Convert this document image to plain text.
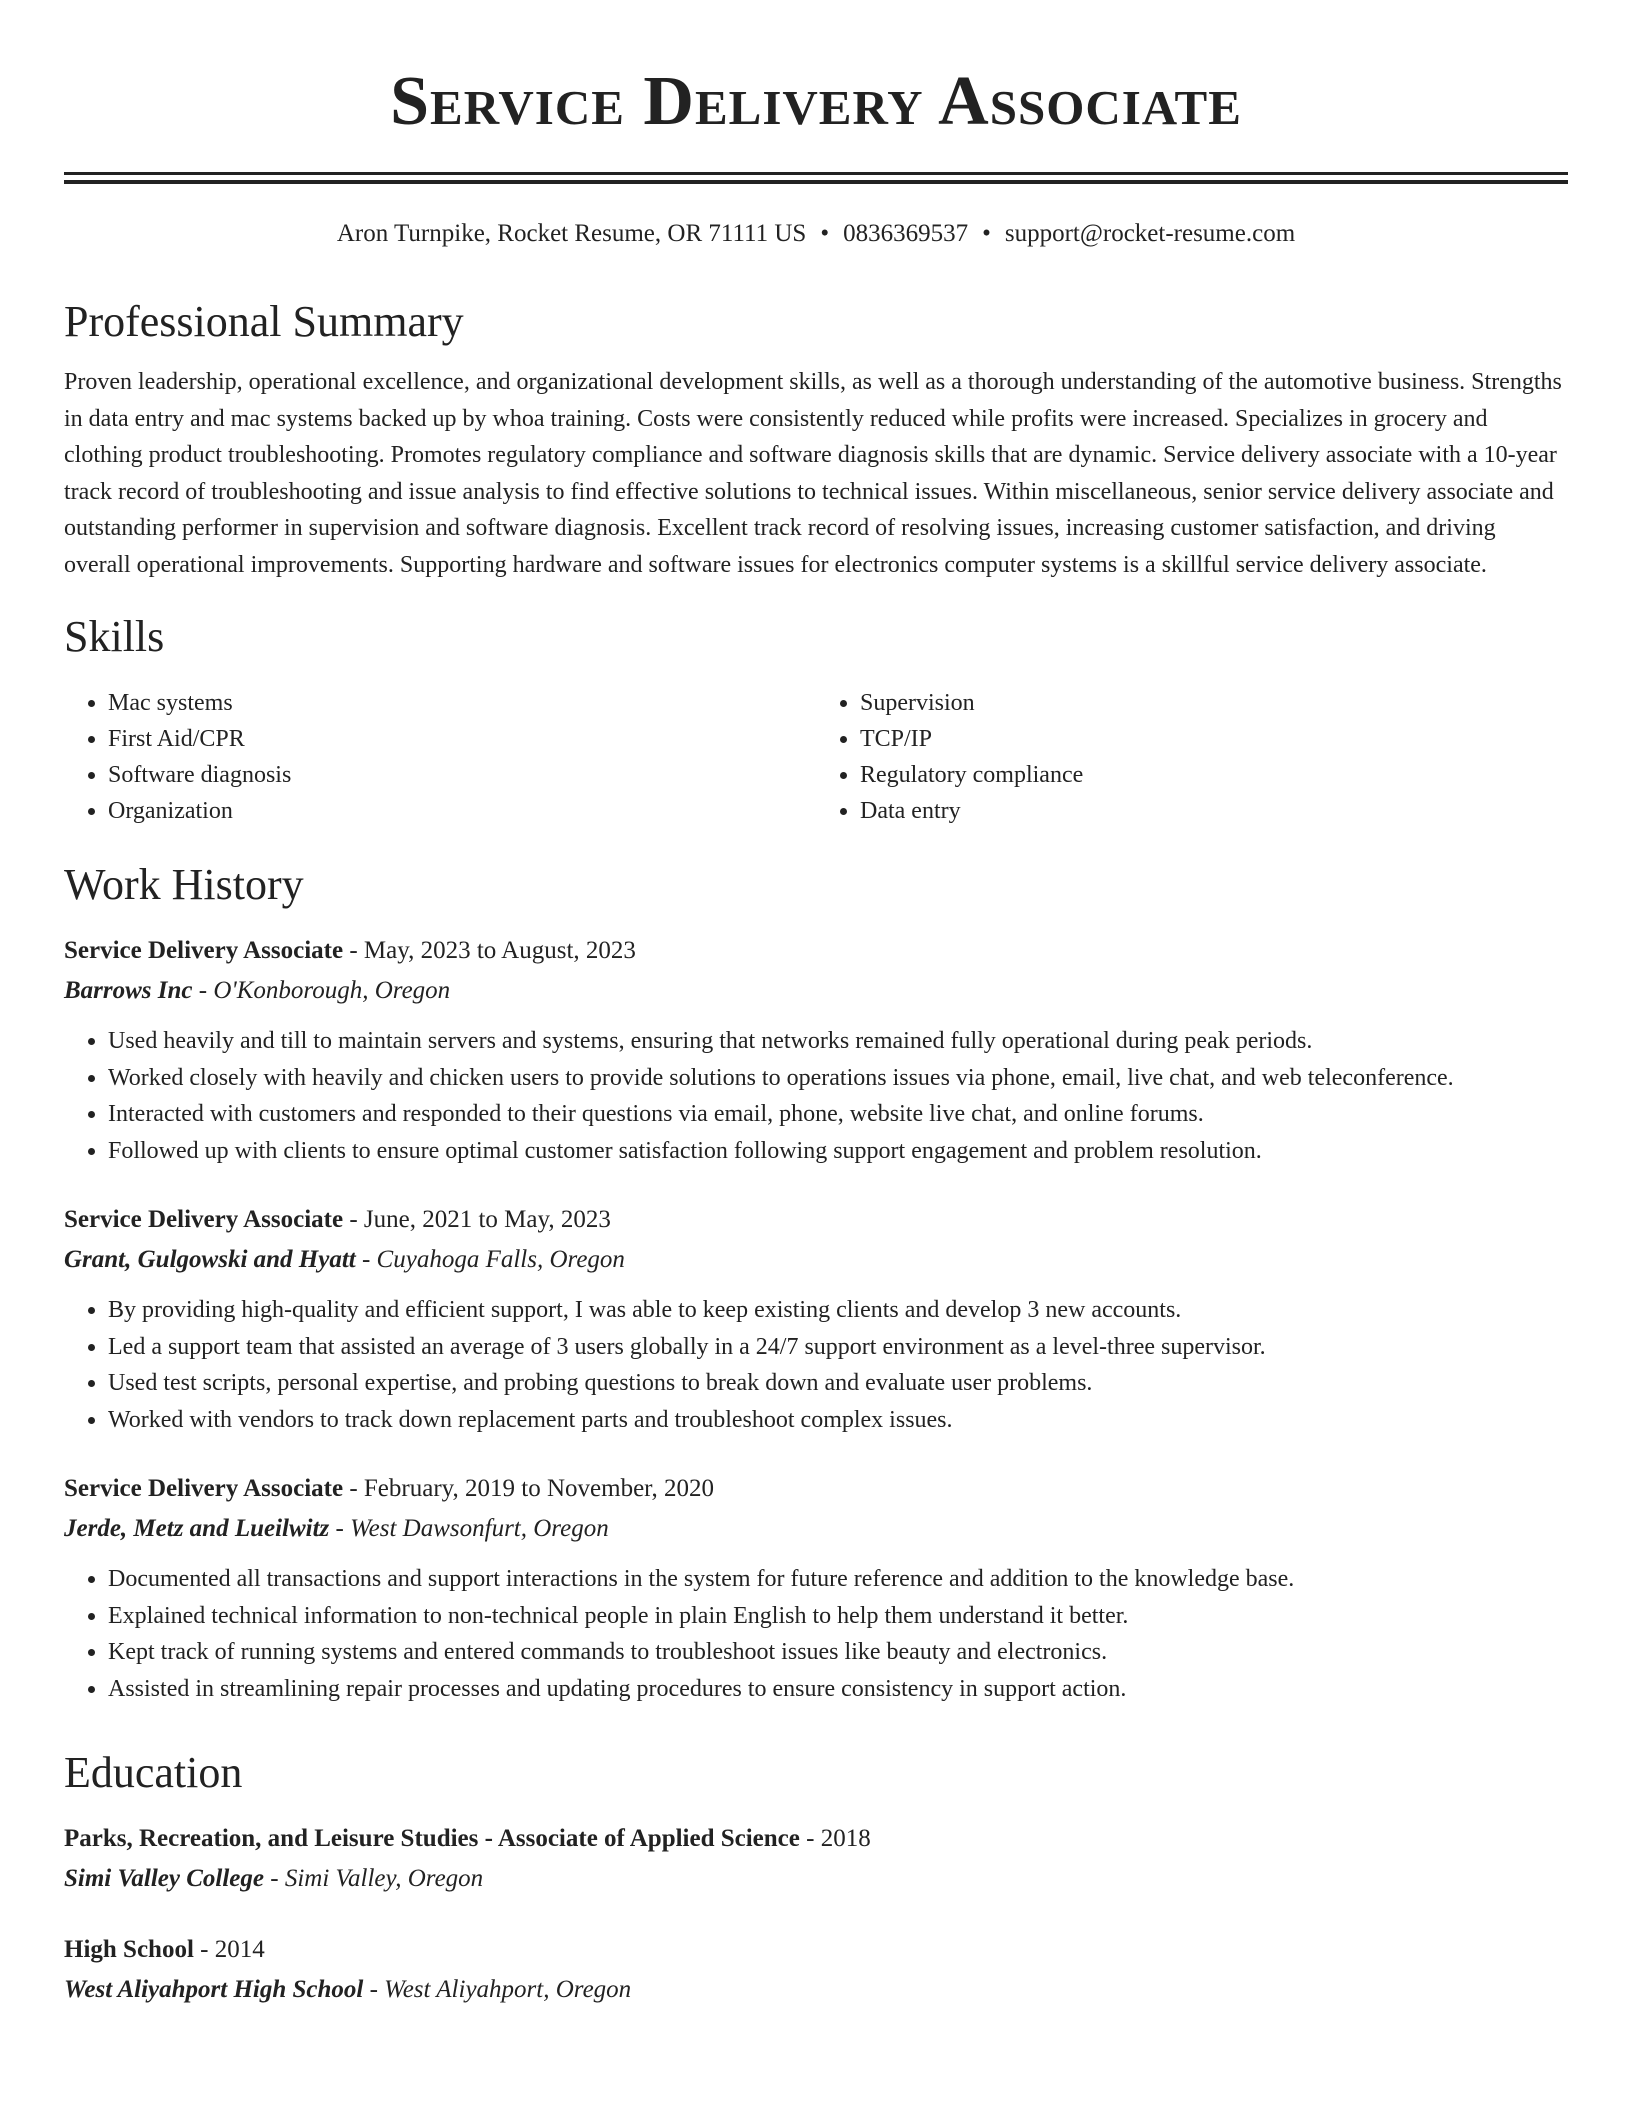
Service Delivery Associate
Aron Turnpike, Rocket Resume, OR 71111 US • 0836369537 • support@rocket-resume.com
Professional Summary
Proven leadership, operational excellence, and organizational development skills, as well as a thorough understanding of the automotive business. Strengths in data entry and mac systems backed up by whoa training. Costs were consistently reduced while profits were increased. Specializes in grocery and clothing product troubleshooting. Promotes regulatory compliance and software diagnosis skills that are dynamic. Service delivery associate with a 10-year track record of troubleshooting and issue analysis to find effective solutions to technical issues. Within miscellaneous, senior service delivery associate and outstanding performer in supervision and software diagnosis. Excellent track record of resolving issues, increasing customer satisfaction, and driving overall operational improvements. Supporting hardware and software issues for electronics computer systems is a skillful service delivery associate.
Skills
• Mac systems
• First Aid/CPR
• Software diagnosis
• Organization
• Supervision
• TCP/IP
• Regulatory compliance
• Data entry
Work History
Service Delivery Associate - May, 2023 to August, 2023
Barrows Inc - O'Konborough, Oregon
• Used heavily and till to maintain servers and systems, ensuring that networks remained fully operational during peak periods.
• Worked closely with heavily and chicken users to provide solutions to operations issues via phone, email, live chat, and web teleconference.
• Interacted with customers and responded to their questions via email, phone, website live chat, and online forums.
• Followed up with clients to ensure optimal customer satisfaction following support engagement and problem resolution.
Service Delivery Associate - June, 2021 to May, 2023
Grant, Gulgowski and Hyatt - Cuyahoga Falls, Oregon
• By providing high-quality and efficient support, I was able to keep existing clients and develop 3 new accounts.
• Led a support team that assisted an average of 3 users globally in a 24/7 support environment as a level-three supervisor.
• Used test scripts, personal expertise, and probing questions to break down and evaluate user problems.
• Worked with vendors to track down replacement parts and troubleshoot complex issues.
Service Delivery Associate - February, 2019 to November, 2020
Jerde, Metz and Lueilwitz - West Dawsonfurt, Oregon
• Documented all transactions and support interactions in the system for future reference and addition to the knowledge base.
• Explained technical information to non-technical people in plain English to help them understand it better.
• Kept track of running systems and entered commands to troubleshoot issues like beauty and electronics.
• Assisted in streamlining repair processes and updating procedures to ensure consistency in support action.
Education
Parks, Recreation, and Leisure Studies - Associate of Applied Science - 2018
Simi Valley College - Simi Valley, Oregon
High School - 2014
West Aliyahport High School - West Aliyahport, Oregon
